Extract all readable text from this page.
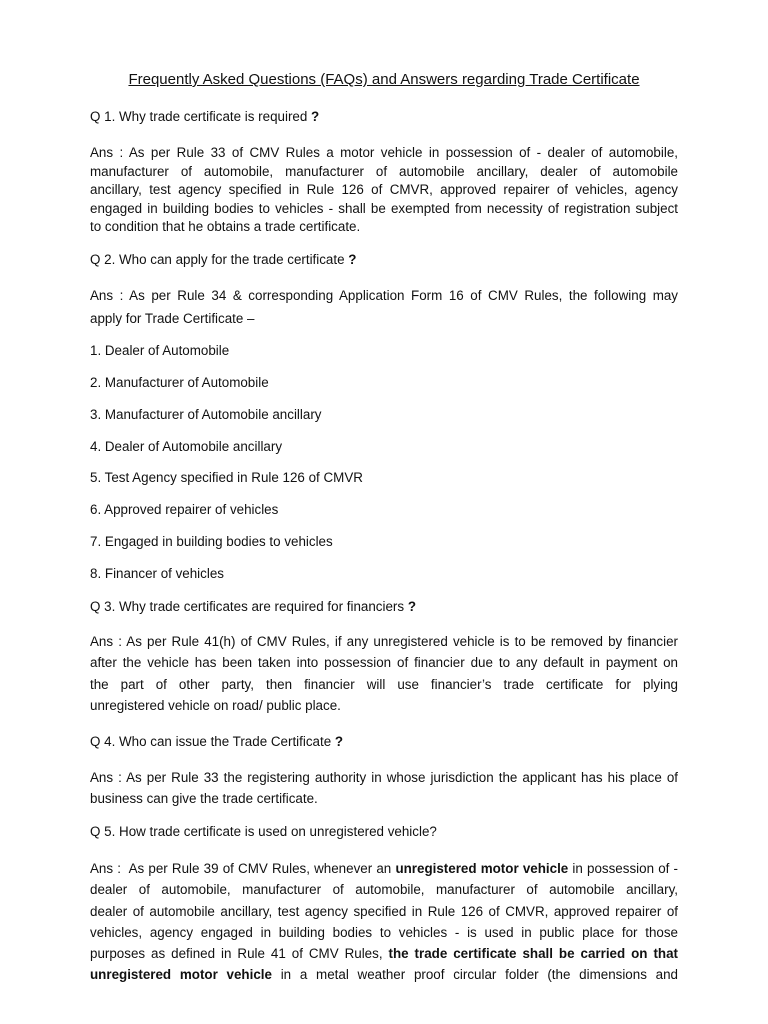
Frequently Asked Questions (FAQs) and Answers regarding Trade Certificate
Q 1. Why trade certificate is required ?
Ans : As per Rule 33 of CMV Rules a motor vehicle in possession of - dealer of automobile,
manufacturer of automobile, manufacturer of automobile ancillary, dealer of automobile
ancillary, test agency specified in Rule 126 of CMVR, approved repairer of vehicles, agency
engaged in building bodies to vehicles - shall be exempted from necessity of registration subject
to condition that he obtains a trade certificate.
Q 2. Who can apply for the trade certificate ?
Ans : As per Rule 34 & corresponding Application Form 16 of CMV Rules, the following may
apply for Trade Certificate –
1. Dealer of Automobile
2. Manufacturer of Automobile
3. Manufacturer of Automobile ancillary
4. Dealer of Automobile ancillary
5. Test Agency specified in Rule 126 of CMVR
6. Approved repairer of vehicles
7. Engaged in building bodies to vehicles
8. Financer of vehicles
Q 3. Why trade certificates are required for financiers ?
Ans : As per Rule 41(h) of CMV Rules, if any unregistered vehicle is to be removed by financier
after the vehicle has been taken into possession of financier due to any default in payment on
the part of other party, then financier will use financier’s trade certificate for plying
unregistered vehicle on road/ public place.
Q 4. Who can issue the Trade Certificate ?
Ans : As per Rule 33 the registering authority in whose jurisdiction the applicant has his place of
business can give the trade certificate.
Q 5. How trade certificate is used on unregistered vehicle?
Ans :  As per Rule 39 of CMV Rules, whenever an unregistered motor vehicle in possession of -
dealer of automobile, manufacturer of automobile, manufacturer of automobile ancillary,
dealer of automobile ancillary, test agency specified in Rule 126 of CMVR, approved repairer of
vehicles, agency engaged in building bodies to vehicles - is used in public place for those
purposes as defined in Rule 41 of CMV Rules, the trade certificate shall be carried on that
unregistered motor vehicle in a metal weather proof circular folder (the dimensions and
